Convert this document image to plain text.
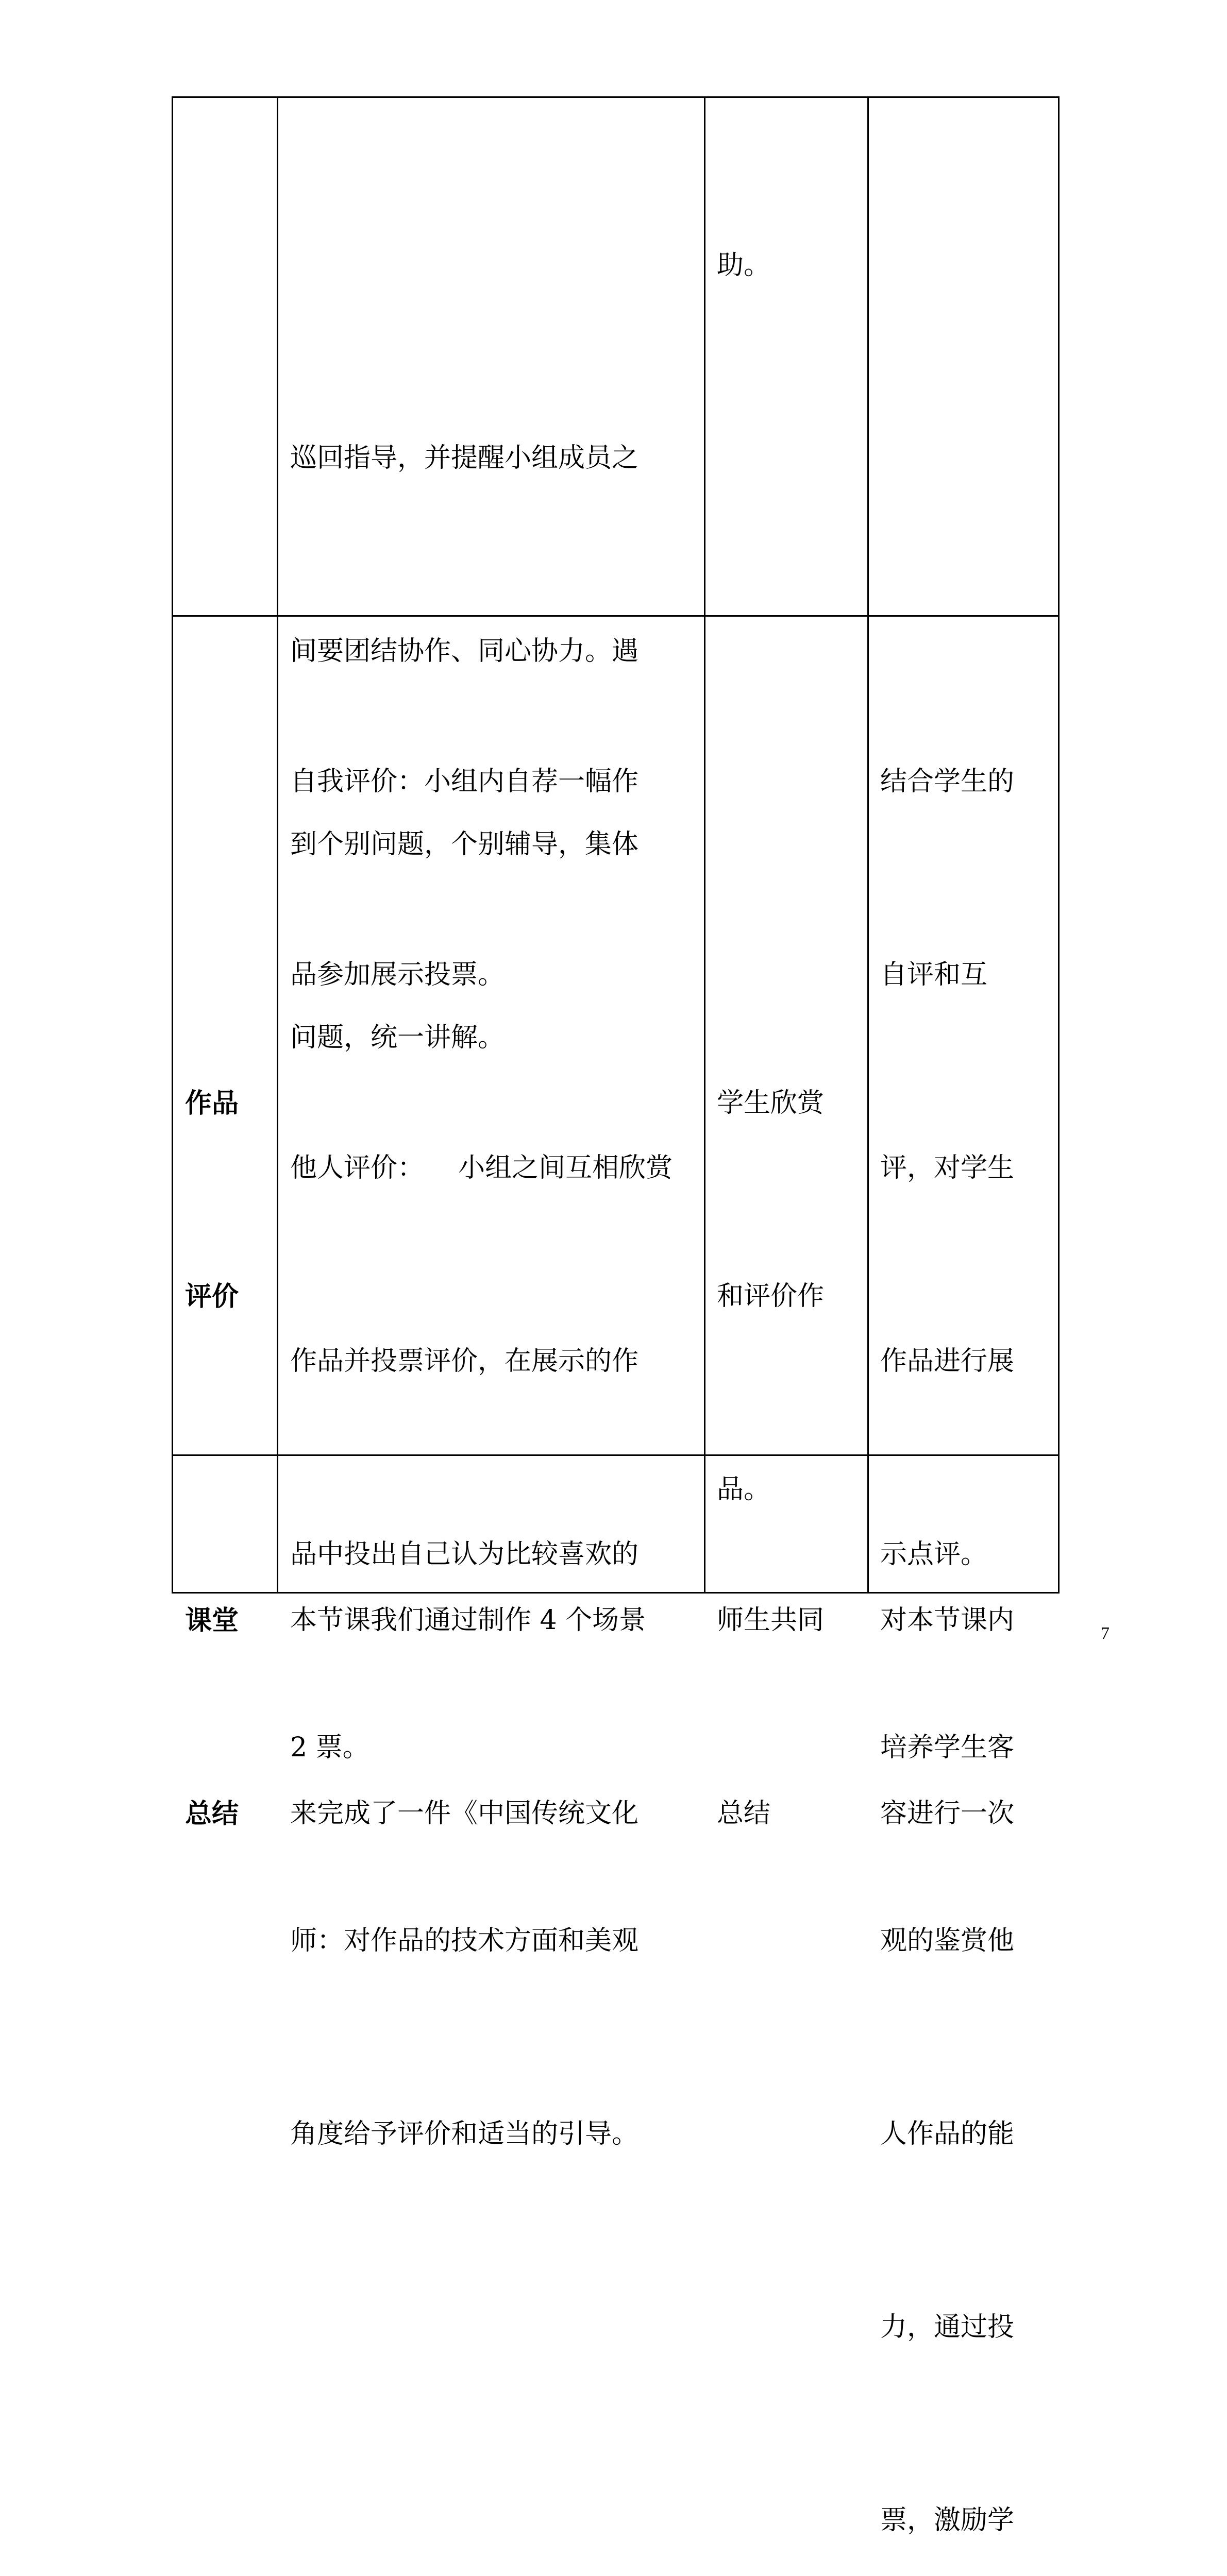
巡回指导，并提醒小组成员之

间要团结协作、同心协力。遇

到个别问题，个别辅导，集体

问题，统一讲解。

助。

作品

评价

自我评价：小组内自荐一幅作

品参加展示投票。

他人评价：    小组之间互相欣赏

作品并投票评价，在展示的作

品中投出自己认为比较喜欢的

2 票。

师：对作品的技术方面和美观

角度给予评价和适当的引导。

学生欣赏

和评价作

品。

结合学生的

自评和互

评，对学生

作品进行展

示点评。

培养学生客

观的鉴赏他

人作品的能

力，通过投

票，激励学

课堂

总结

本节课我们通过制作 4 个场景

来完成了一件《中国传统文化

师生共同

总结

对本节课内

容进行一次

7
